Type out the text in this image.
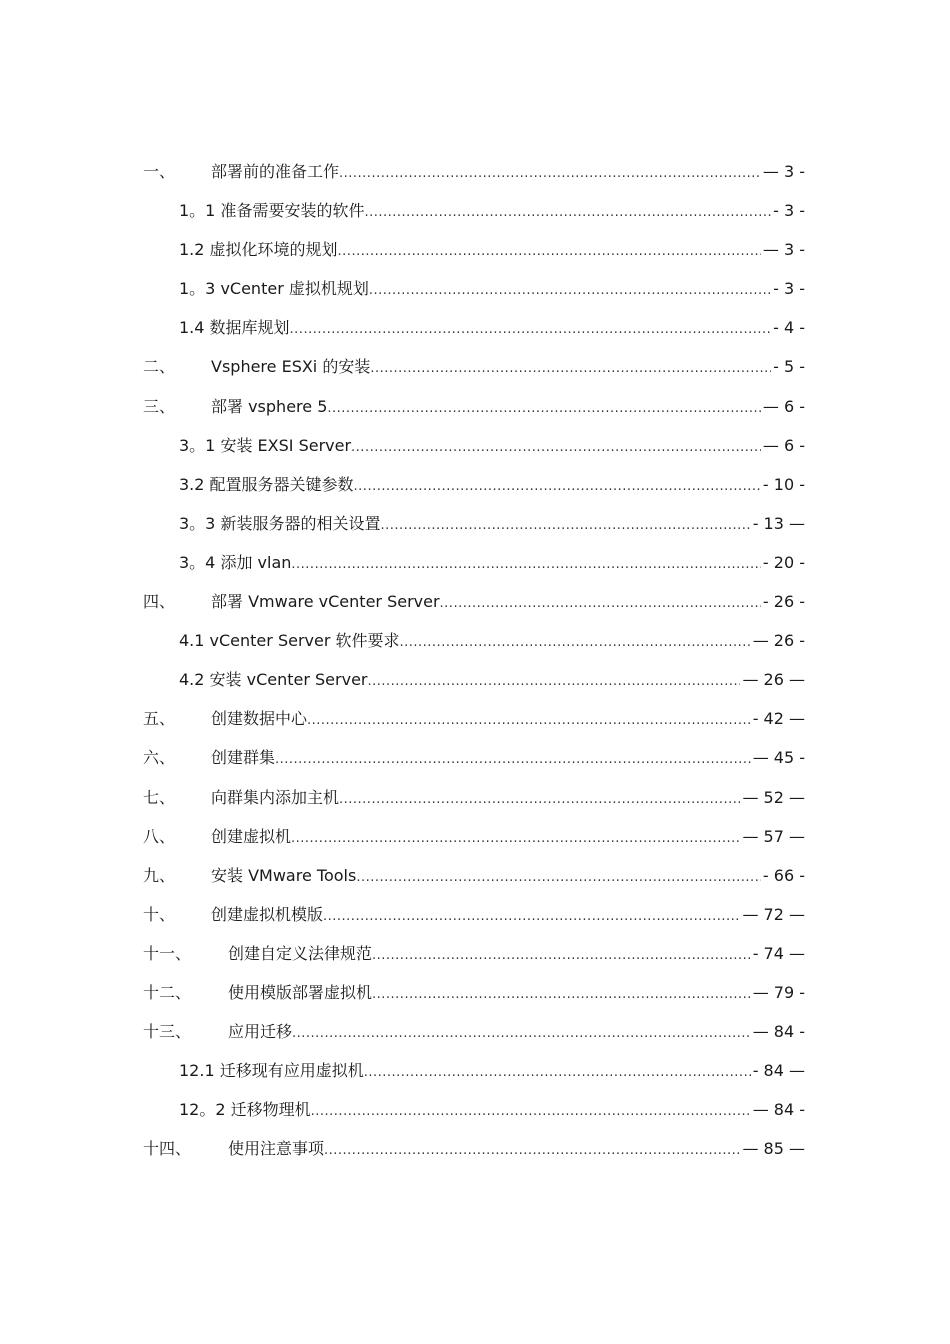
一、 部署前的准备工作 .....	— 3 -
1。1 准备需要安装的软件 .....	- 3 -
1.2 虚拟化环境的规划 .....	— 3 -
1。3 vCenter 虚拟机规划 .....	- 3 -
1.4 数据库规划 .....	- 4 -
二、 Vsphere ESXi 的安装 .....	- 5 -
三、 部署 vsphere 5 .....	— 6 -
3。1 安装 EXSI Server .....	— 6 -
3.2 配置服务器关键参数 .....	- 10 -
3。3 新装服务器的相关设置 .....	- 13 —
3。4 添加 vlan .....	- 20 -
四、 部署 Vmware vCenter Server .....	- 26 -
4.1 vCenter Server 软件要求 .....	— 26 -
4.2 安装 vCenter Server .....	— 26 —
五、 创建数据中心 .....	- 42 —
六、 创建群集 .....	— 45 -
七、 向群集内添加主机 .....	— 52 —
八、 创建虚拟机 .....	— 57 —
九、 安装 VMware Tools .....	- 66 -
十、 创建虚拟机模版 .....	— 72 —
十一、 创建自定义法律规范 .....	- 74 —
十二、 使用模版部署虚拟机 .....	— 79 -
十三、 应用迁移 .....	— 84 -
12.1 迁移现有应用虚拟机 .....	- 84 —
12。2 迁移物理机 .....	— 84 -
十四、 使用注意事项 .....	— 85 —
